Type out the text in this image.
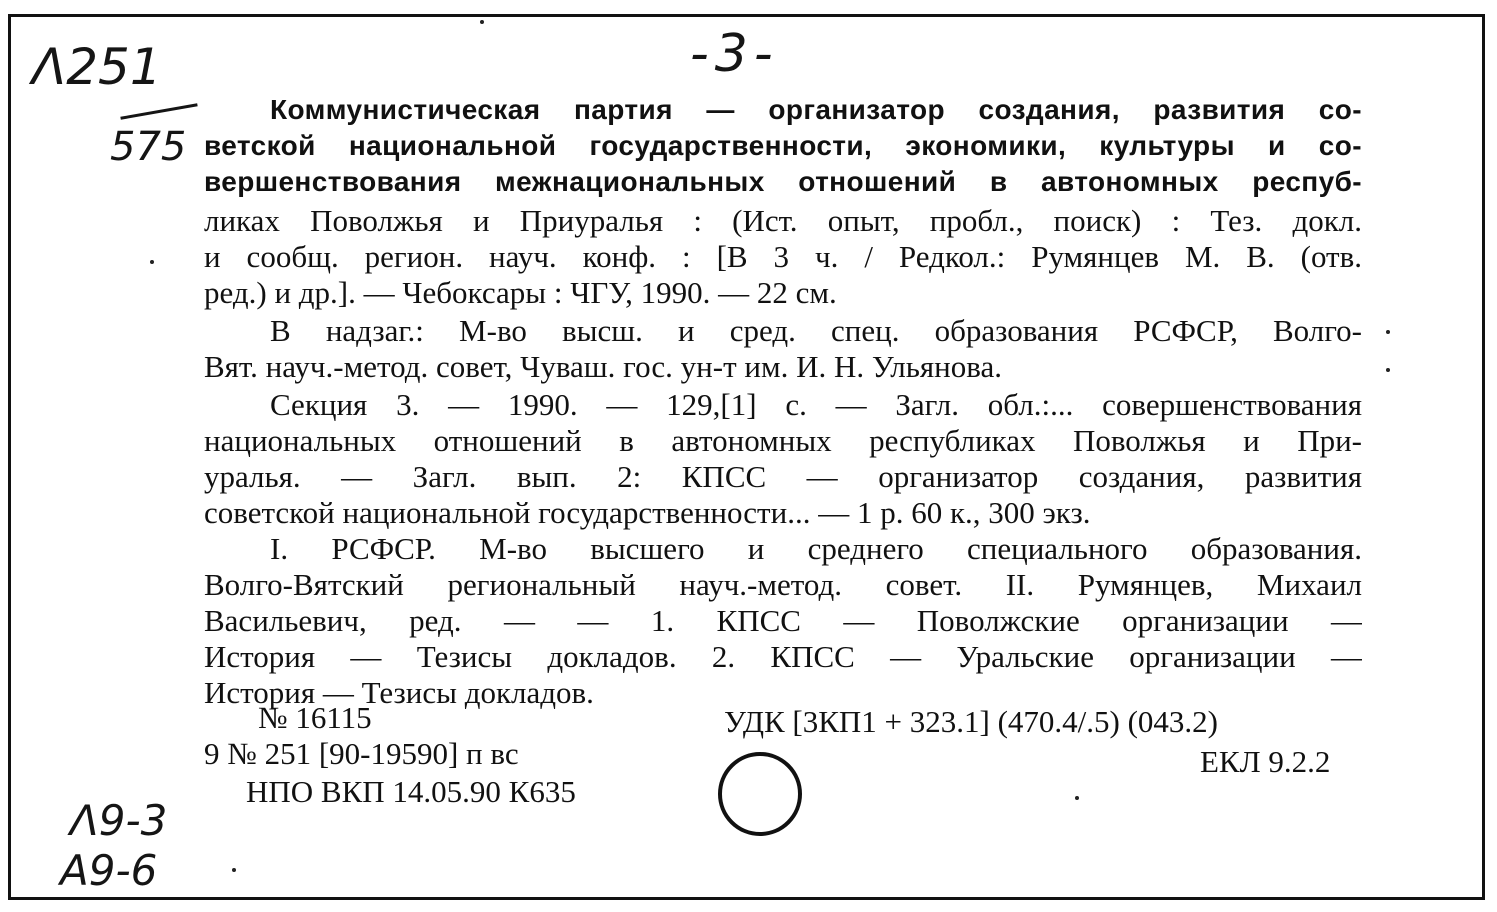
-3-
Λ251
575
Λ9-3
A9-6
Коммунистическая партия — организатор создания, развития со-
ветской национальной государственности, экономики, культуры и со-
вершенствования межнациональных отношений в автономных респуб-
ликах Поволжья и Приуралья : (Ист. опыт, пробл., поиск) : Тез. докл.
и сообщ. регион. науч. конф. : [В 3 ч. / Редкол.: Румянцев М. В. (отв.
ред.) и др.]. — Чебоксары : ЧГУ, 1990. — 22 см.
В надзаг.: М-во высш. и сред. спец. образования РСФСР, Волго-
Вят. науч.-метод. совет, Чуваш. гос. ун-т им. И. Н. Ульянова.
Секция 3. — 1990. — 129,[1] с. — Загл. обл.:... совершенствования
национальных отношений в автономных республиках Поволжья и При-
уралья. — Загл. вып. 2: КПСС — организатор создания, развития
советской национальной государственности... — 1 р. 60 к., 300 экз.
I. РСФСР. М-во высшего и среднего специального образования.
Волго-Вятский региональный науч.-метод. совет. II. Румянцев, Михаил
Васильевич, ред. — — 1. КПСС — Поволжские организации —
История — Тезисы докладов. 2. КПСС — Уральские организации —
История — Тезисы докладов.
№ 16115
9 № 251 [90-19590] п вс
НПО ВКП 14.05.90 К635
УДК [3КП1 + 323.1] (470.4/.5) (043.2)
ЕКЛ 9.2.2
